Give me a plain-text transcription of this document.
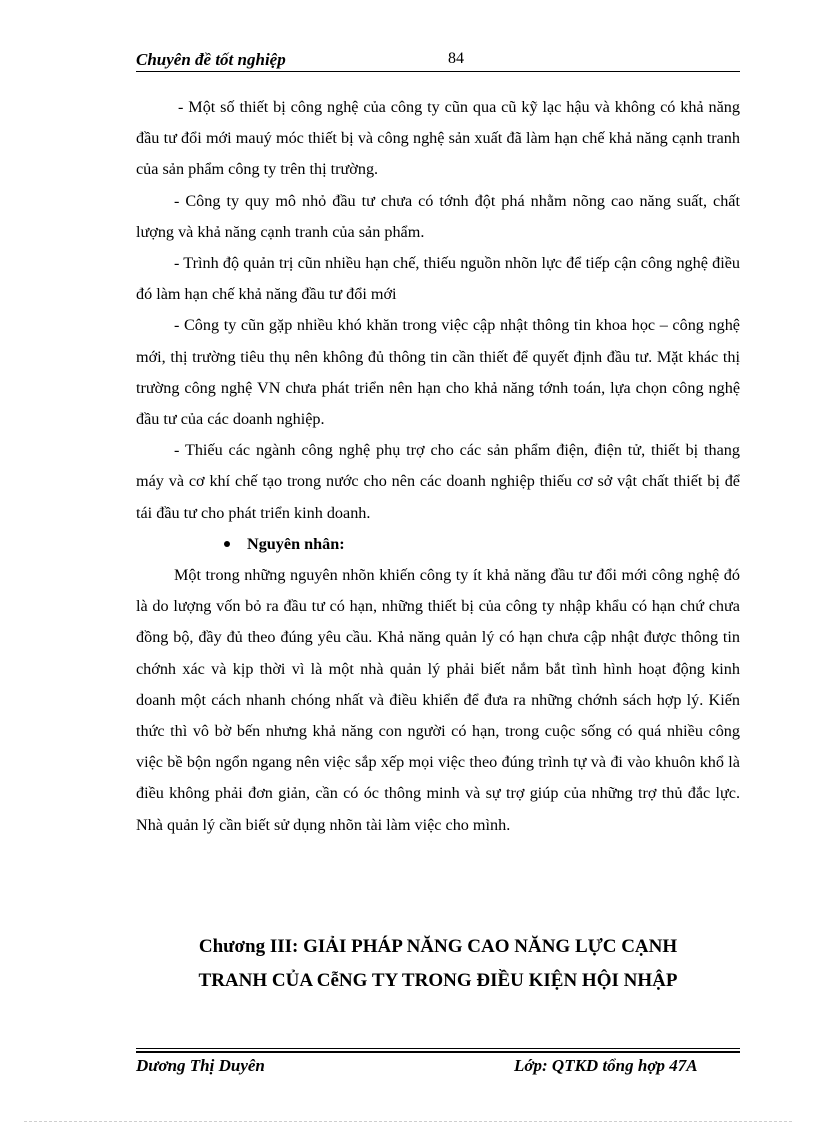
Chuyên đề tốt nghiệp	84

- Một số thiết bị công nghệ của công ty cũn qua cũ kỹ lạc hậu và không có khả năng đầu tư đổi mới mauý móc thiết bị và công nghệ sản xuất đã làm hạn chế khả năng cạnh tranh của sản phẩm công ty trên thị trường.

- Công ty quy mô nhỏ đầu tư chưa có tớnh đột phá nhằm nõng cao năng suất, chất lượng và khả năng cạnh tranh của sản phẩm.

- Trình độ quản trị cũn nhiều hạn chế, thiếu nguồn nhõn lực để tiếp cận công nghệ điều đó làm hạn chế khả năng đầu tư đổi mới

- Công ty cũn gặp nhiều khó khăn trong việc cập nhật thông tin khoa học – công nghệ mới, thị trường tiêu thụ nên không đủ thông tin cần thiết để quyết định đầu tư. Mặt khác thị trường công nghệ VN chưa phát triển nên hạn cho khả năng tớnh toán, lựa chọn công nghệ đầu tư của các doanh nghiệp.

- Thiếu các ngành công nghệ phụ trợ cho các sản phẩm điện, điện tử, thiết bị thang máy và cơ khí chế tạo trong nước cho nên các doanh nghiệp thiếu cơ sở vật chất thiết bị để tái đầu tư cho phát triển kinh doanh.

Nguyên nhân:

Một trong những nguyên nhõn khiến công ty ít khả năng đầu tư đổi mới công nghệ đó là do lượng vốn bỏ ra đầu tư có hạn, những thiết bị của công ty nhập khẩu có hạn chứ chưa đồng bộ, đầy đủ theo đúng yêu cầu. Khả năng quản lý có hạn chưa cập nhật được thông tin chớnh xác và kịp thời vì là một nhà quản lý phải biết nắm bắt tình hình hoạt động kinh doanh một cách nhanh chóng nhất và điều khiển để đưa ra những chớnh sách hợp lý. Kiến thức thì vô bờ bến nhưng khả năng con người có hạn, trong cuộc sống có quá nhiều công việc bề bộn ngổn ngang nên việc sắp xếp mọi việc theo đúng trình tự và đi vào khuôn khổ là điều không phải đơn giản, cần có óc thông minh và sự trợ giúp của những trợ thủ đắc lực. Nhà quản lý cần biết sử dụng nhõn tài làm việc cho mình.

Chương III: GIẢI PHÁP NĂNG CAO NĂNG LỰC CẠNH
TRANH CỦA CễNG TY TRONG ĐIỀU KIỆN HỘI NHẬP
Dương Thị Duyên	Lớp: QTKD tổng hợp 47A
